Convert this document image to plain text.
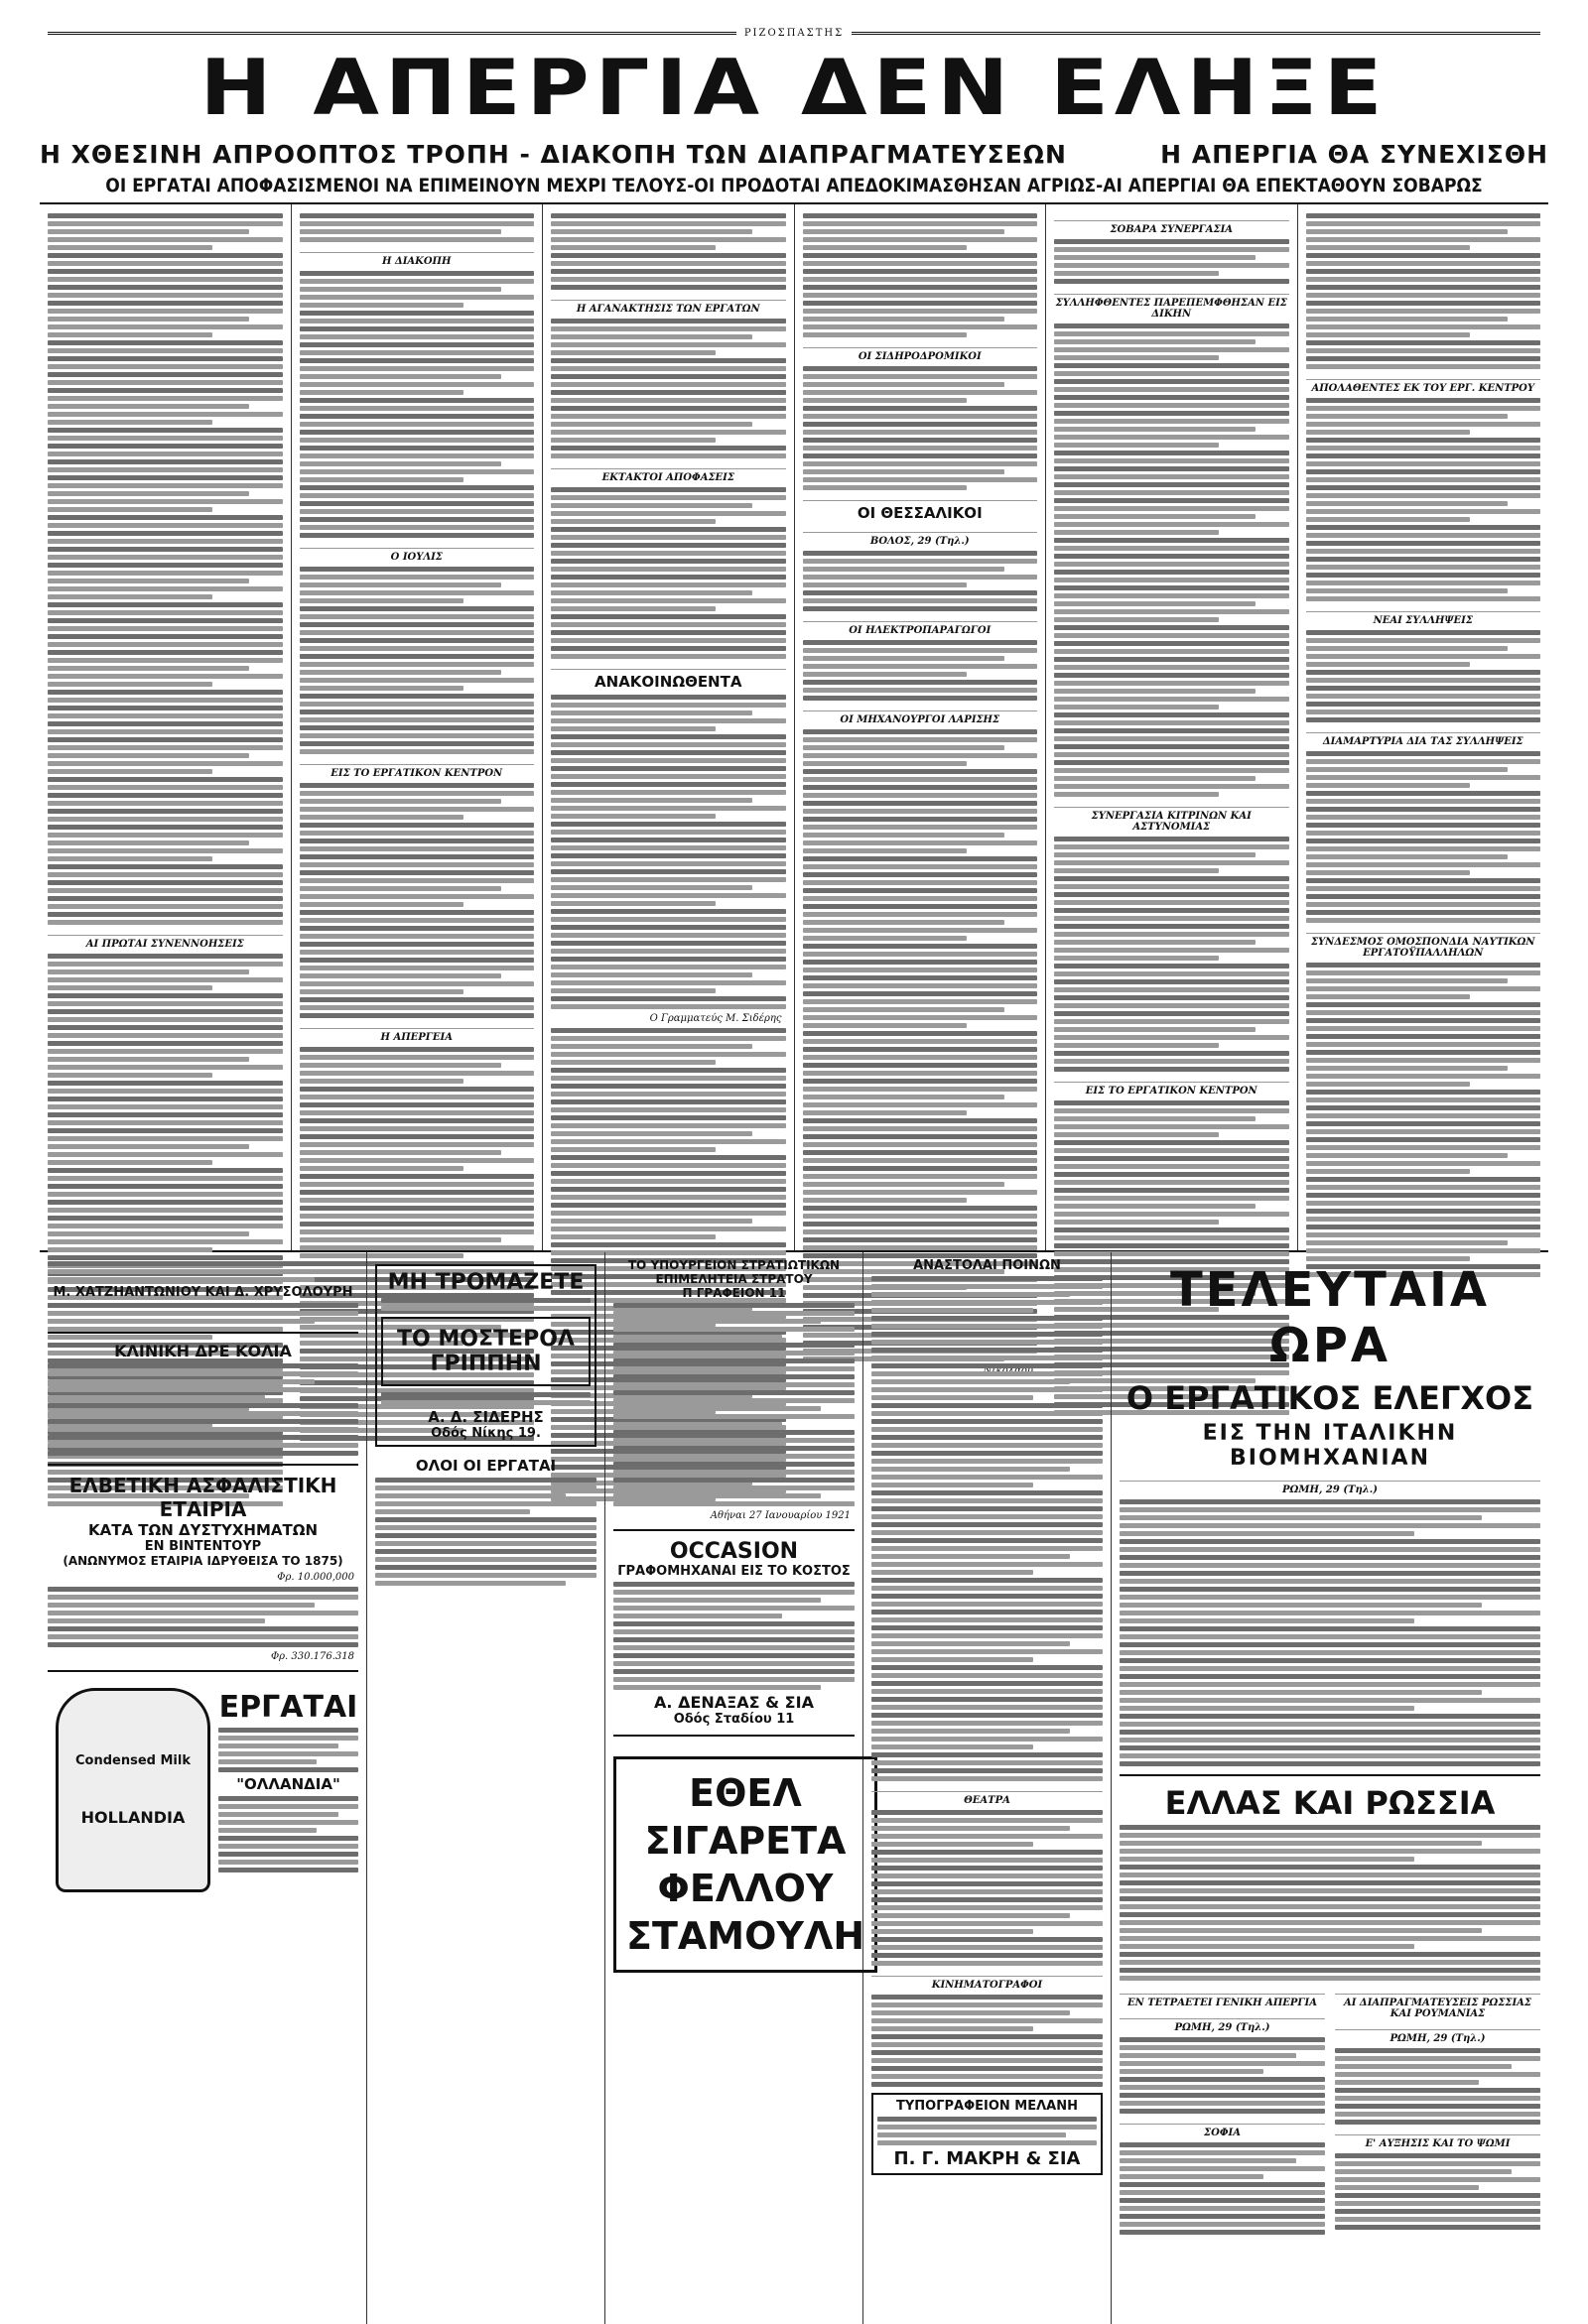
ΡΙΖΟΣΠΑΣΤΗΣ
Η ΑΠΕΡΓΙΑ ΔΕΝ ΕΛΗΞΕ
Η ΧΘΕΣΙΝΗ ΑΠΡΟΟΠΤΟΣ ΤΡΟΠΗ - ΔΙΑΚΟΠΗ ΤΩΝ ΔΙΑΠΡΑΓΜΑΤΕΥΣΕΩΝ	Η ΑΠΕΡΓΙΑ ΘΑ ΣΥΝΕΧΙΣΘΗ
ΟΙ ΕΡΓΑΤΑΙ ΑΠΟΦΑΣΙΣΜΕΝΟΙ ΝΑ ΕΠΙΜΕΙΝΟΥΝ ΜΕΧΡΙ ΤΕΛΟΥΣ-ΟΙ ΠΡΟΔΟΤΑΙ ΑΠΕΔΟΚΙΜΑΣΘΗΣΑΝ ΑΓΡΙΩΣ-ΑΙ ΑΠΕΡΓΙΑΙ ΘΑ ΕΠΕΚΤΑΘΟΥΝ ΣΟΒΑΡΩΣ
ΑΙ ΠΡΩΤΑΙ ΣΥΝΕΝΝΟΗΣΕΙΣ
Η ΔΙΑΚΟΠΗ
Ο ΙΟΥΛΙΣ
ΕΙΣ ΤΟ ΕΡΓΑΤΙΚΟΝ ΚΕΝΤΡΟΝ
Η ΑΠΕΡΓΕΙΑ
Η ΑΓΑΝΑΚΤΗΣΙΣ ΤΩΝ ΕΡΓΑΤΩΝ
ΕΚΤΑΚΤΟΙ ΑΠΟΦΑΣΕΙΣ
ΑΝΑΚΟΙΝΩΘΕΝΤΑ
Ο Γραμματεύς Μ. Σιδέρης
ΟΙ ΣΙΔΗΡΟΔΡΟΜΙΚΟΙ
ΟΙ ΘΕΣΣΑΛΙΚΟΙ
ΒΟΛΟΣ, 29 (Τηλ.)
ΟΙ ΗΛΕΚΤΡΟΠΑΡΑΓΩΓΟΙ
ΟΙ ΜΗΧΑΝΟΥΡΓΟΙ ΛΑΡΙΣΗΣ
ΣΟΒΑΡΑ ΣΥΝΕΡΓΑΣΙΑ
ΣΥΛΛΗΦΘΕΝΤΕΣ ΠΑΡΕΠΕΜΦΘΗΣΑΝ ΕΙΣ ΔΙΚΗΝ
ΣΥΝΕΡΓΑΣΙΑ ΚΙΤΡΙΝΩΝ ΚΑΙ ΑΣΤΥΝΟΜΙΑΣ
ΕΙΣ ΤΟ ΕΡΓΑΤΙΚΟΝ ΚΕΝΤΡΟΝ
ΑΠΟΛΑΘΕΝΤΕΣ ΕΚ ΤΟΥ ΕΡΓ. ΚΕΝΤΡΟΥ
ΝΕΑΙ ΣΥΛΛΗΨΕΙΣ
ΔΙΑΜΑΡΤΥΡΙΑ ΔΙΑ ΤΑΣ ΣΥΛΛΗΨΕΙΣ
ΣΥΝΔΕΣΜΟΣ ΟΜΟΣΠΟΝΔΙΑ ΝΑΥΤΙΚΩΝ ΕΡΓΑΤΟΫΠΑΛΛΗΛΩΝ
Μ. ΧΑΤΖΗΑΝΤΩΝΙΟΥ ΚΑΙ Δ. ΧΡΥΣΟΛΟΥΡΗ
ΚΛΙΝΙΚΗ ΔΡΕ ΚΟΛΙΑ
ΕΛΒΕΤΙΚΗ ΑΣΦΑΛΙΣΤΙΚΗ ΕΤΑΙΡΙΑ
ΚΑΤΑ ΤΩΝ ΔΥΣΤΥΧΗΜΑΤΩΝ
ΕΝ ΒΙΝΤΕΝΤΟΥΡ
(ΑΝΩΝΥΜΟΣ ΕΤΑΙΡΙΑ ΙΔΡΥΘΕΙΣΑ ΤΟ 1875)
Φρ. 10.000,000
Φρ. 330.176.318
Condensed Milk
HOLLANDIA
ΕΡΓΑΤΑΙ
"ΟΛΛΑΝΔΙΑ"
ΜΗ ΤΡΟΜΑΖΕΤΕ
ΤΟ ΜΟΣΤΕΡΟΛ ΓΡΙΠΠΗΝ
Α. Δ. ΣΙΔΕΡΗΣ
Οδός Νίκης 19.
ΟΛΟΙ ΟΙ ΕΡΓΑΤΑΙ
ΤΟ ΥΠΟΥΡΓΕΙΟΝ ΣΤΡΑΤΙΩΤΙΚΩΝ
ΕΠΙΜΕΛΗΤΕΙΑ ΣΤΡΑΤΟΥ
Π ΓΡΑΦΕΙΟΝ 11
Αθήναι 27 Ιανουαρίου 1921
OCCASION
ΓΡΑΦΟΜΗΧΑΝΑΙ ΕΙΣ ΤΟ ΚΟΣΤΟΣ
Α. ΔΕΝΑΞΑΣ & ΣΙΑ
Οδός Σταδίου 11
ΕΘΕΛ
ΣΙΓΑΡΕΤΑ
ΦΕΛΛΟΥ
ΣΤΑΜΟΥΛΗ
ΑΝΑΣΤΟΛΑΙ ΠΟΙΝΩΝ
ΘΕΑΤΡΑ
ΚΙΝΗΜΑΤΟΓΡΑΦΟΙ
ΤΥΠΟΓΡΑΦΕΙΟΝ ΜΕΛΑΝΗ
Π. Γ. ΜΑΚΡΗ & ΣΙΑ
ΤΕΛΕΥΤΑΙΑ ΩΡΑ
Ο ΕΡΓΑΤΙΚΟΣ ΕΛΕΓΧΟΣ
ΕΙΣ ΤΗΝ ΙΤΑΛΙΚΗΝ ΒΙΟΜΗΧΑΝΙΑΝ
ΡΩΜΗ, 29 (Τηλ.)
ΕΛΛΑΣ ΚΑΙ ΡΩΣΣΙΑ
ΕΝ ΤΕΤΡΑΕΤΕΙ ΓΕΝΙΚΗ ΑΠΕΡΓΙΑ
ΡΩΜΗ, 29 (Τηλ.)
ΣΟΦΙΑ
ΑΙ ΔΙΑΠΡΑΓΜΑΤΕΥΣΕΙΣ ΡΩΣΣΙΑΣ ΚΑΙ ΡΟΥΜΑΝΙΑΣ
ΡΩΜΗ, 29 (Τηλ.)
Ε' ΑΥΞΗΣΙΣ ΚΑΙ ΤΟ ΨΩΜΙ
